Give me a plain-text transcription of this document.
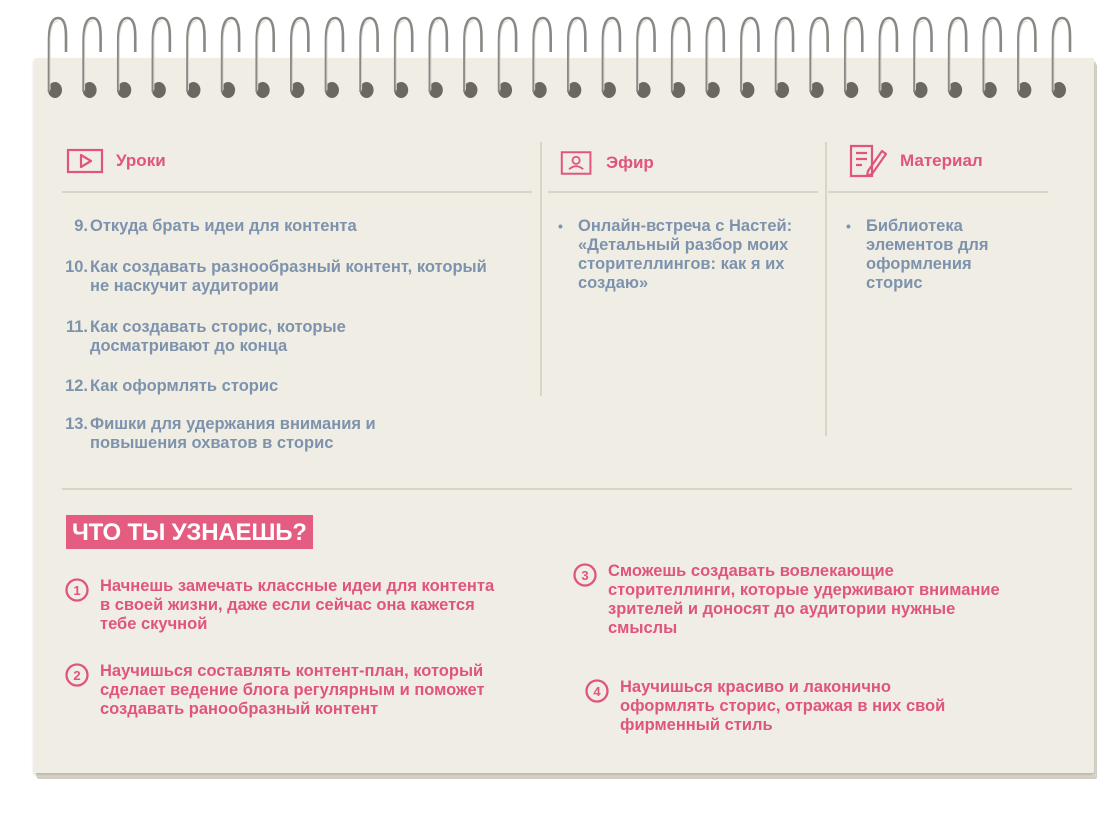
Уроки	Эфир	Материал
9. Откуда брать идеи для контента
10. Как создавать разнообразный контент, который не наскучит аудитории
11. Как создавать сторис, которые досматривают до конца
12. Как оформлять сторис
13. Фишки для удержания внимания и повышения охватов в сторис
• Онлайн-встреча с Настей: «Детальный разбор моих сторителлингов: как я их создаю»
• Библиотека элементов для оформления сторис
ЧТО ТЫ УЗНАЕШЬ?
1 Начнешь замечать классные идеи для контента в своей жизни, даже если сейчас она кажется тебе скучной
2 Научишься составлять контент-план, который сделает ведение блога регулярным и поможет создавать ранообразный контент
3 Сможешь создавать вовлекающие сторителлинги, которые удерживают внимание зрителей и доносят до аудитории нужные смыслы
4 Научишься красиво и лаконично оформлять сторис, отражая в них свой фирменный стиль
